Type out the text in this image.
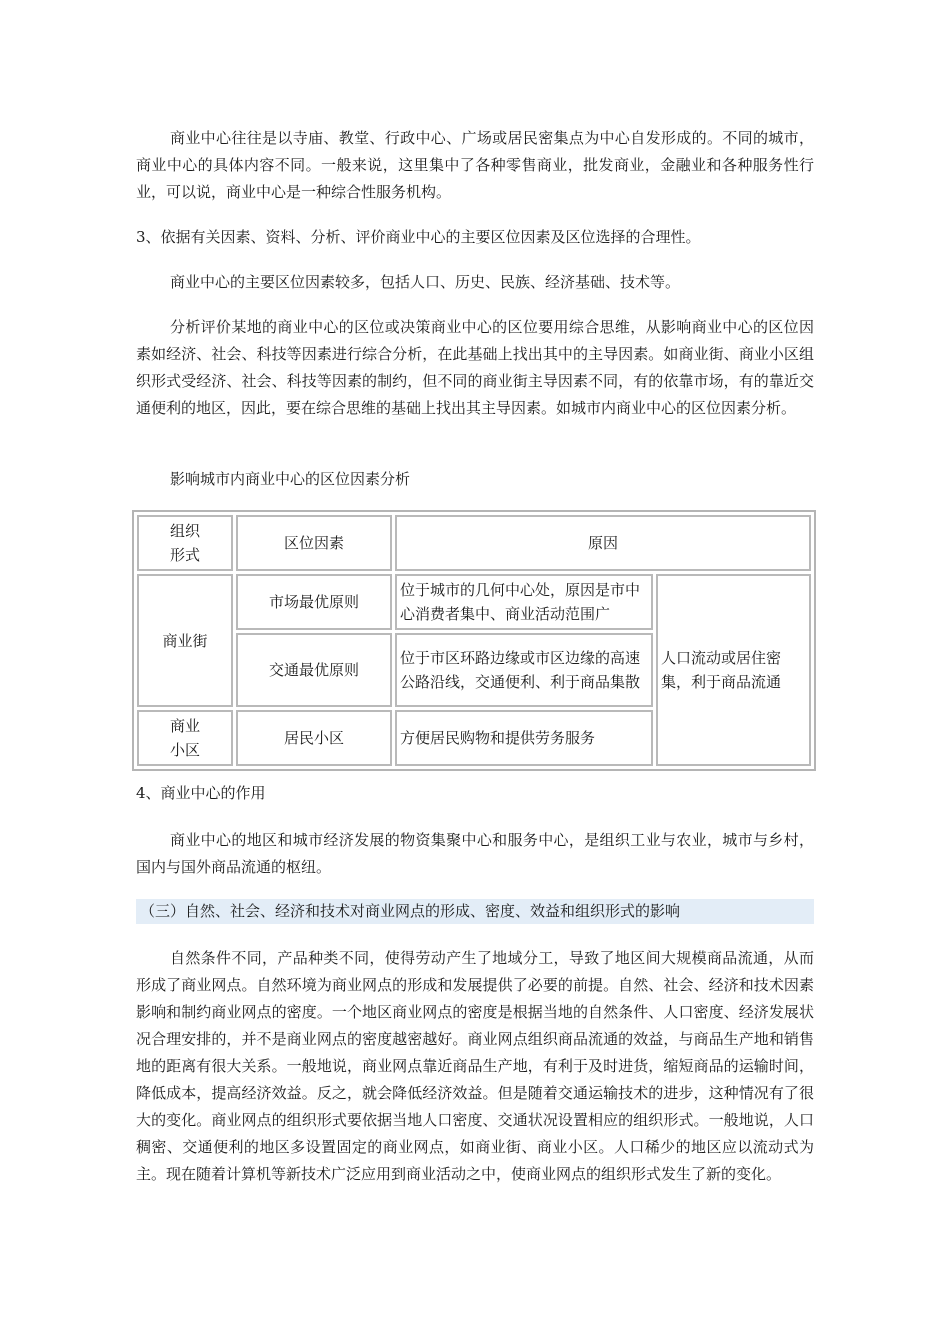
商业中心往往是以寺庙、教堂、行政中心、广场或居民密集点为中心自发形成的。不同的城市，商业中心的具体内容不同。一般来说，这里集中了各种零售商业，批发商业，金融业和各种服务性行业，可以说，商业中心是一种综合性服务机构。

3、依据有关因素、资料、分析、评价商业中心的主要区位因素及区位选择的合理性。

商业中心的主要区位因素较多，包括人口、历史、民族、经济基础、技术等。

分析评价某地的商业中心的区位或决策商业中心的区位要用综合思维，从影响商业中心的区位因素如经济、社会、科技等因素进行综合分析，在此基础上找出其中的主导因素。如商业街、商业小区组织形式受经济、社会、科技等因素的制约，但不同的商业街主导因素不同，有的依靠市场，有的靠近交通便利的地区，因此，要在综合思维的基础上找出其主导因素。如城市内商业中心的区位因素分析。

影响城市内商业中心的区位因素分析

组织
形式	区位因素	原因	
商业街	市场最优原则	位于城市的几何中心处，原因是市中心消费者集中、商业活动范围广	人口流动或居住密集，利于商品流通
	交通最优原则	位于市区环路边缘或市区边缘的高速公路沿线，交通便利、利于商品集散	

商业
小区	居民小区	方便居民购物和提供劳务服务	

4、商业中心的作用

商业中心的地区和城市经济发展的物资集聚中心和服务中心，是组织工业与农业，城市与乡村，国内与国外商品流通的枢纽。

（三）自然、社会、经济和技术对商业网点的形成、密度、效益和组织形式的影响

自然条件不同，产品种类不同，使得劳动产生了地域分工，导致了地区间大规模商品流通，从而形成了商业网点。自然环境为商业网点的形成和发展提供了必要的前提。自然、社会、经济和技术因素影响和制约商业网点的密度。一个地区商业网点的密度是根据当地的自然条件、人口密度、经济发展状况合理安排的，并不是商业网点的密度越密越好。商业网点组织商品流通的效益，与商品生产地和销售地的距离有很大关系。一般地说，商业网点靠近商品生产地，有利于及时进货，缩短商品的运输时间，降低成本，提高经济效益。反之，就会降低经济效益。但是随着交通运输技术的进步，这种情况有了很大的变化。商业网点的组织形式要依据当地人口密度、交通状况设置相应的组织形式。一般地说，人口稠密、交通便利的地区多设置固定的商业网点，如商业街、商业小区。人口稀少的地区应以流动式为主。现在随着计算机等新技术广泛应用到商业活动之中，使商业网点的组织形式发生了新的变化。
